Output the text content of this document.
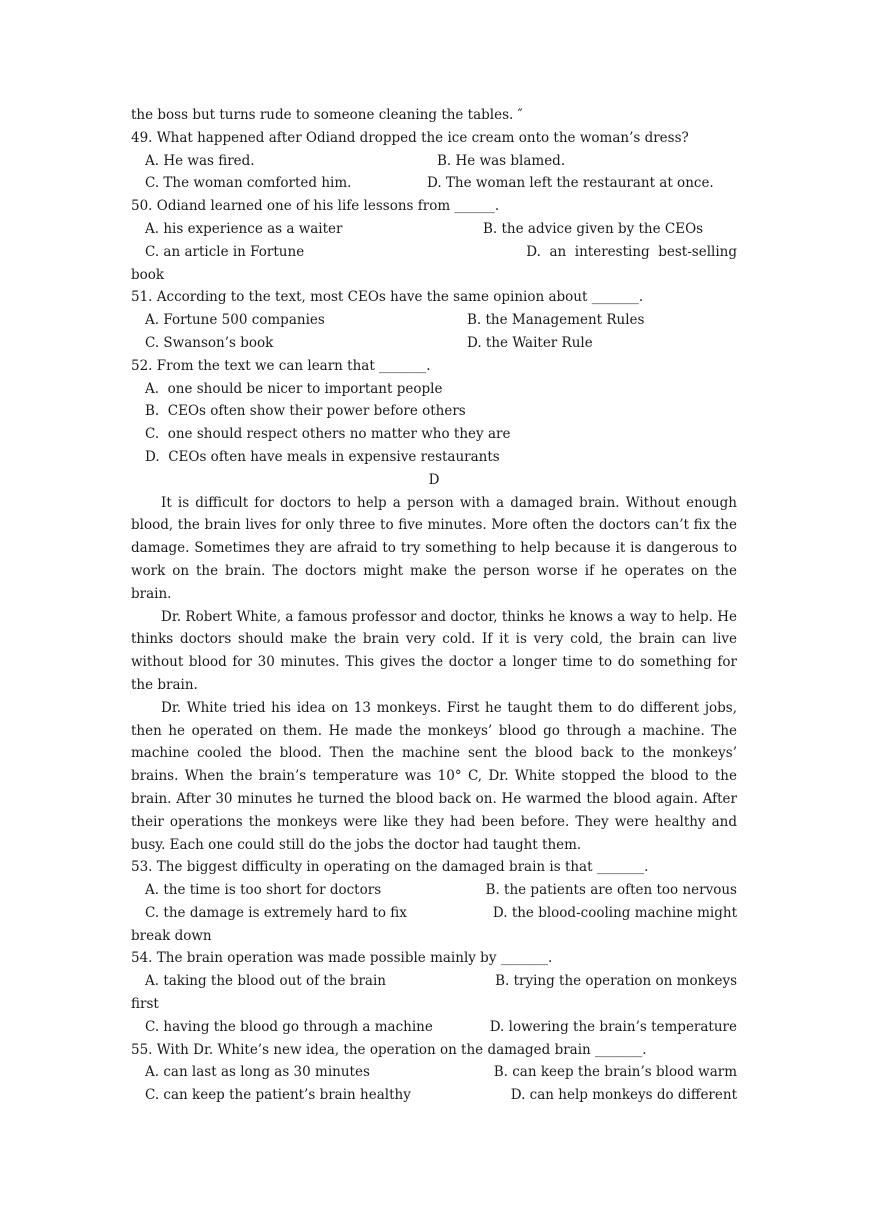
the boss but turns rude to someone cleaning the tables. ″
49. What happened after Odiand dropped the ice cream onto the woman’s dress?
A. He was fired.	B. He was blamed.
C. The woman comforted him.	D. The woman left the restaurant at once.
50. Odiand learned one of his life lessons from ______.
A. his experience as a waiter	B. the advice given by the CEOs
C. an article in Fortune	D.  an  interesting  best-selling
book
51. According to the text, most CEOs have the same opinion about _______.
A. Fortune 500 companies	B. the Management Rules
C. Swanson’s book	D. the Waiter Rule
52. From the text we can learn that _______.
A.  one should be nicer to important people
B.  CEOs often show their power before others
C.  one should respect others no matter who they are
D.  CEOs often have meals in expensive restaurants
D

It is difficult for doctors to help a person with a damaged brain. Without enough blood, the brain lives for only three to five minutes. More often the doctors can’t fix the damage. Sometimes they are afraid to try something to help because it is dangerous to work on the brain. The doctors might make the person worse if he operates on the brain.

Dr. Robert White, a famous professor and doctor, thinks he knows a way to help. He thinks doctors should make the brain very cold. If it is very cold, the brain can live without blood for 30 minutes. This gives the doctor a longer time to do something for the brain.

Dr. White tried his idea on 13 monkeys. First he taught them to do different jobs, then he operated on them. He made the monkeys’ blood go through a machine. The machine cooled the blood. Then the machine sent the blood back to the monkeys’ brains. When the brain’s temperature was 10° C, Dr. White stopped the blood to the brain. After 30 minutes he turned the blood back on. He warmed the blood again. After their operations the monkeys were like they had been before. They were healthy and busy. Each one could still do the jobs the doctor had taught them.

53. The biggest difficulty in operating on the damaged brain is that _______.
A. the time is too short for doctors	B. the patients are often too nervous
C. the damage is extremely hard to fix	D. the blood-cooling machine might
break down
54. The brain operation was made possible mainly by _______.
A. taking the blood out of the brain	B. trying the operation on monkeys
first
C. having the blood go through a machine	D. lowering the brain’s temperature
55. With Dr. White’s new idea, the operation on the damaged brain _______.
A. can last as long as 30 minutes	B. can keep the brain’s blood warm
C. can keep the patient’s brain healthy	D. can help monkeys do different
